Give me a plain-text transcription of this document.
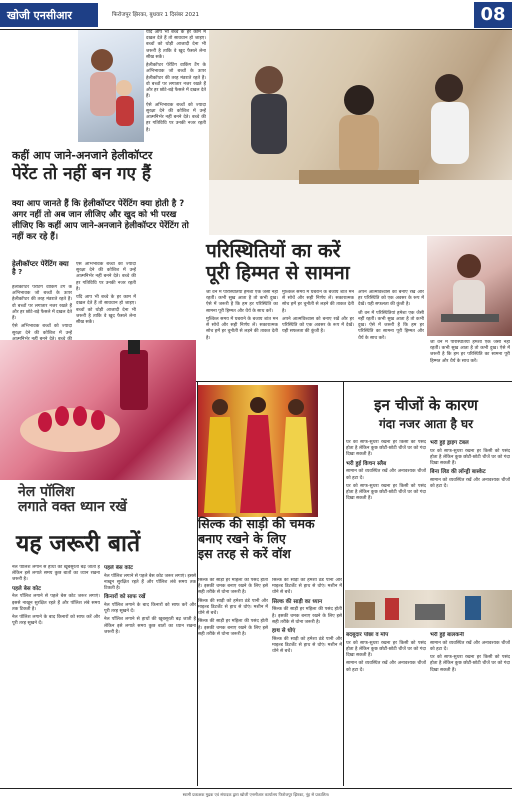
खोजी एनसीआर	फिरोजपुर झिरका, बुधवार 1 दिसंबर 2021	08
कहीं आप जाने-अनजाने हेलीकॉप्टर
पेरेंट तो नहीं बन गए हैं
क्या आप जानते हैं कि हेलीकॉप्टर पेरेंटिंग क्या होती है ? अगर नहीं तो अब जान लीजिए और खुद को भी परख लीजिए कि कहीं आप जाने-अनजाने हेलीकॉप्टर पेरेंटिंग तो नहीं कर रहे हैं।
हेलीकॉप्टर पेरेंटिंग क्या है ?

हेलीकॉप्टर पेरेंटिंग वाकिंग टैंग के अभिभावक जो बच्चों के ऊपर हेलीकॉप्टर की तरह मंडराते रहते हैं। वो बच्चों पर लगातार नजर रखते हैं और हर छोटे-बड़े फैसले में दखल देते हैं।

ऐसे अभिभावक बच्चों को ज्यादा सुरक्षा देने की कोशिश में उन्हें

ऐसे अभिभावक बच्चों को ज्यादा सुरक्षा देने की कोशिश में उन्हें आत्मनिर्भर नहीं बनने देते। बच्चे की हर गतिविधि पर उनकी नजर रहती है।

यदि आप भी बच्चे के हर काम में दखल देते हैं तो सावधान हो जाइए। बच्चों को थोड़ी आजादी देना भी जरूरी है ताकि वे खुद फैसले लेना सीख सकें।

यदि आप भी बच्चे के हर काम में दखल देते हैं तो सावधान हो जाइए। बच्चों को थोड़ी आजादी देना भी जरूरी है ताकि वे खुद फैसले लेना सीख सकें।

हेलीकॉप्टर पेरेंटिंग वाकिंग टैंग के अभिभावक जो बच्चों के ऊपर हेलीकॉप्टर की तरह मंडराते रहते हैं। वो बच्चों पर लगातार नजर रखते हैं और हर छोटे-बड़े फैसले में दखल देते हैं।

ऐसे अभिभावक बच्चों को ज्यादा सुरक्षा देने की कोशिश में उन्हें आत्मनिर्भर नहीं बनने देते। बच्चे की हर गतिविधि पर उनकी नजर रहती है।

परिस्थितियों का करें
पूरी हिम्मत से सामना

जी वन में परिस्थितियां हमेशा एक जैसी नहीं रहतीं। कभी सुख आता है तो कभी दुख। ऐसे में जरूरी है कि हम हर परिस्थिति का सामना पूरी हिम्मत और धैर्य के साथ करें।

मुश्किल समय में घबराने के बजाय शांत मन से सोचें और सही निर्णय लें। सकारात्मक सोच हमें हर चुनौती से लड़ने की ताकत देती है।

मुश्किल समय में घबराने के बजाय शांत मन से सोचें और सही निर्णय लें। सकारात्मक सोच हमें हर चुनौती से लड़ने की ताकत देती है।

अपने आत्मविश्वास को बनाए रखें और हर परिस्थिति को एक अवसर के रूप में देखें। यही सफलता की कुंजी है।

अपने आत्मविश्वास को बनाए रखें और हर परिस्थिति को एक अवसर के रूप में देखें। यही सफलता की कुंजी है।

जी वन में परिस्थितियां हमेशा एक जैसी नहीं रहतीं। कभी सुख आता है तो कभी दुख। ऐसे में जरूरी है कि हम हर परिस्थिति का सामना पूरी हिम्मत और धैर्य के साथ करें।

जी वन में परिस्थितियां हमेशा एक जैसी नहीं रहतीं। कभी सुख आता है तो कभी दुख। ऐसे में जरूरी है कि हम हर परिस्थिति का सामना पूरी हिम्मत और धैर्य के साथ करें।

नेल पॉलिश
लगाते वक्त ध्यान रखें
यह जरूरी बातें

नेल पॉलिश लगाने से हाथों की खूबसूरती बढ़ जाती है लेकिन इसे लगाते समय कुछ बातों का ध्यान रखना जरूरी है।

पहले बेस कोट

नेल पॉलिश लगाने से पहले बेस कोट जरूर लगाएं। इससे नाखून सुरक्षित रहते हैं और पॉलिश लंबे समय तक टिकती है।

नेल पॉलिश लगाने के बाद किनारों को साफ करें और पूरी तरह सूखने दें।

पहले बेस कोट

नेल पॉलिश लगाने से पहले बेस कोट जरूर लगाएं। इससे नाखून सुरक्षित रहते हैं और पॉलिश लंबे समय तक टिकती है।

किनारों को साफ रखें

नेल पॉलिश लगाने के बाद किनारों को साफ करें और पूरी तरह सूखने दें।

नेल पॉलिश लगाने से हाथों की खूबसूरती बढ़ जाती है लेकिन इसे लगाते समय कुछ बातों का ध्यान रखना जरूरी है।

सिल्क की साड़ी की चमक
बनाए रखने के लिए
इस तरह से करें वॉश

सिल्क की साड़ी हर महिला की पसंद होती है। इसकी चमक बनाए रखने के लिए इसे सही तरीके से धोना जरूरी है।

सिल्क की साड़ी को हमेशा ठंडे पानी और माइल्ड डिटर्जेंट से हाथ से धोएं। मशीन में धोने से बचें।

सिल्क की साड़ी हर महिला की पसंद होती है। इसकी चमक बनाए रखने के लिए इसे सही तरीके से धोना जरूरी है।

सिल्क की साड़ी को हमेशा ठंडे पानी और माइल्ड डिटर्जेंट से हाथ से धोएं। मशीन में धोने से बचें।

सिल्क की साड़ी का ध्यान

सिल्क की साड़ी हर महिला की पसंद होती है। इसकी चमक बनाए रखने के लिए इसे सही तरीके से धोना जरूरी है।

हाथ से धोएं

सिल्क की साड़ी को हमेशा ठंडे पानी और माइल्ड डिटर्जेंट से हाथ से धोएं। मशीन में धोने से बचें।

इन चीजों के कारण
गंदा नजर आता है घर

घर को साफ-सुथरा रखना हर किसी को पसंद होता है लेकिन कुछ छोटी-छोटी चीजें घर को गंदा दिखा सकती हैं।

भरी हुई किचन स्लैब

सामान को व्यवस्थित रखें और अनावश्यक चीजों को हटा दें।

घर को साफ-सुथरा रखना हर किसी को पसंद होता है लेकिन कुछ छोटी-छोटी चीजें घर को गंदा दिखा सकती हैं।

भरी हुई ड्राइंग टेबल

घर को साफ-सुथरा रखना हर किसी को पसंद होता है लेकिन कुछ छोटी-छोटी चीजें घर को गंदा दिखा सकती हैं।

बिना लिड की लॉन्ड्री बास्केट

सामान को व्यवस्थित रखें और अनावश्यक चीजों को हटा दें।

बदबूदार पोंछा व मॉप

घर को साफ-सुथरा रखना हर किसी को पसंद होता है लेकिन कुछ छोटी-छोटी चीजें घर को गंदा दिखा सकती हैं।

सामान को व्यवस्थित रखें और अनावश्यक चीजों को हटा दें।

भरी हुई बालकनी

सामान को व्यवस्थित रखें और अनावश्यक चीजों को हटा दें।

घर को साफ-सुथरा रखना हर किसी को पसंद होता है लेकिन कुछ छोटी-छोटी चीजें घर को गंदा दिखा सकती हैं।

स्वामी प्रकाशक मुद्रक एवं संपादक द्वारा खोजी एनसीआर कार्यालय फिरोजपुर झिरका, नूंह से प्रकाशित।
